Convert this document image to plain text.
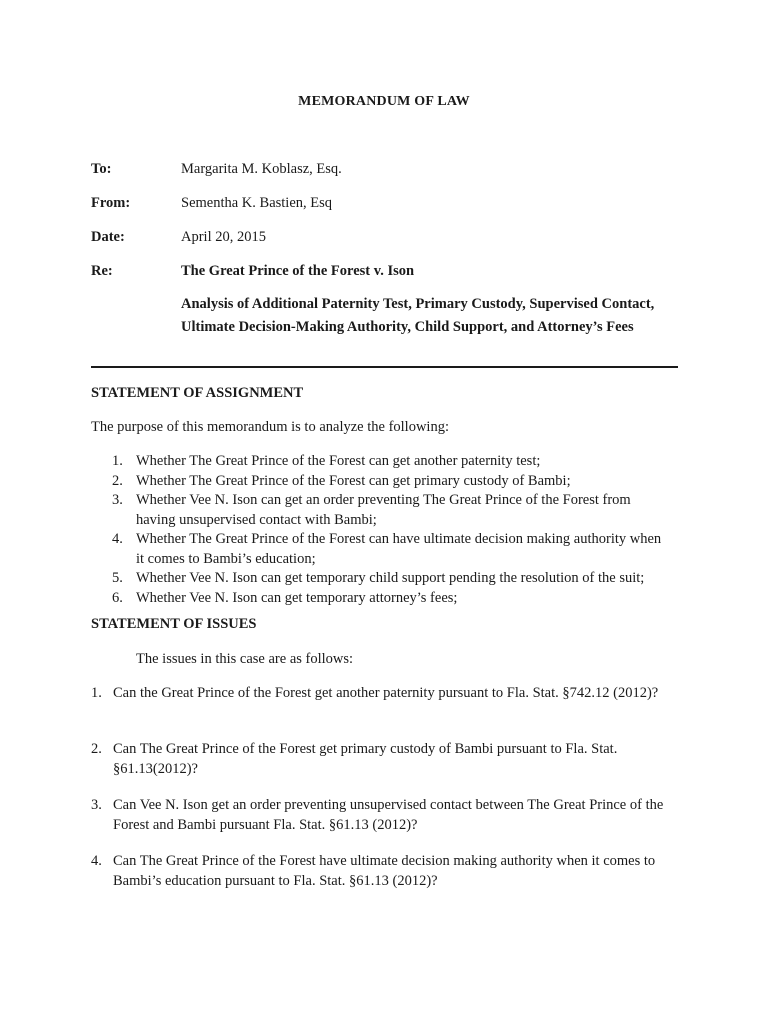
MEMORANDUM OF LAW
To:	Margarita M. Koblasz, Esq.
From:	Sementha K. Bastien, Esq
Date:	April 20, 2015
Re:	The Great Prince of the Forest v. Ison
Analysis of Additional Paternity Test, Primary Custody, Supervised Contact,
Ultimate Decision-Making Authority, Child Support, and Attorney’s Fees
STATEMENT OF ASSIGNMENT
The purpose of this memorandum is to analyze the following:
1. Whether The Great Prince of the Forest can get another paternity test;
2. Whether The Great Prince of the Forest can get primary custody of Bambi;
3. Whether Vee N. Ison can get an order preventing The Great Prince of the Forest from having unsupervised contact with Bambi;
4. Whether The Great Prince of the Forest can have ultimate decision making authority when it comes to Bambi’s education;
5. Whether Vee N. Ison can get temporary child support pending the resolution of the suit;
6. Whether Vee N. Ison can get temporary attorney’s fees;
STATEMENT OF ISSUES
The issues in this case are as follows:
1. Can the Great Prince of the Forest get another paternity pursuant to Fla. Stat. §742.12 (2012)?
2. Can The Great Prince of the Forest get primary custody of Bambi pursuant to Fla. Stat. §61.13(2012)?
3. Can Vee N. Ison get an order preventing unsupervised contact between The Great Prince of the Forest and Bambi pursuant Fla. Stat. §61.13 (2012)?
4. Can The Great Prince of the Forest have ultimate decision making authority when it comes to Bambi’s education pursuant to Fla. Stat. §61.13 (2012)?
